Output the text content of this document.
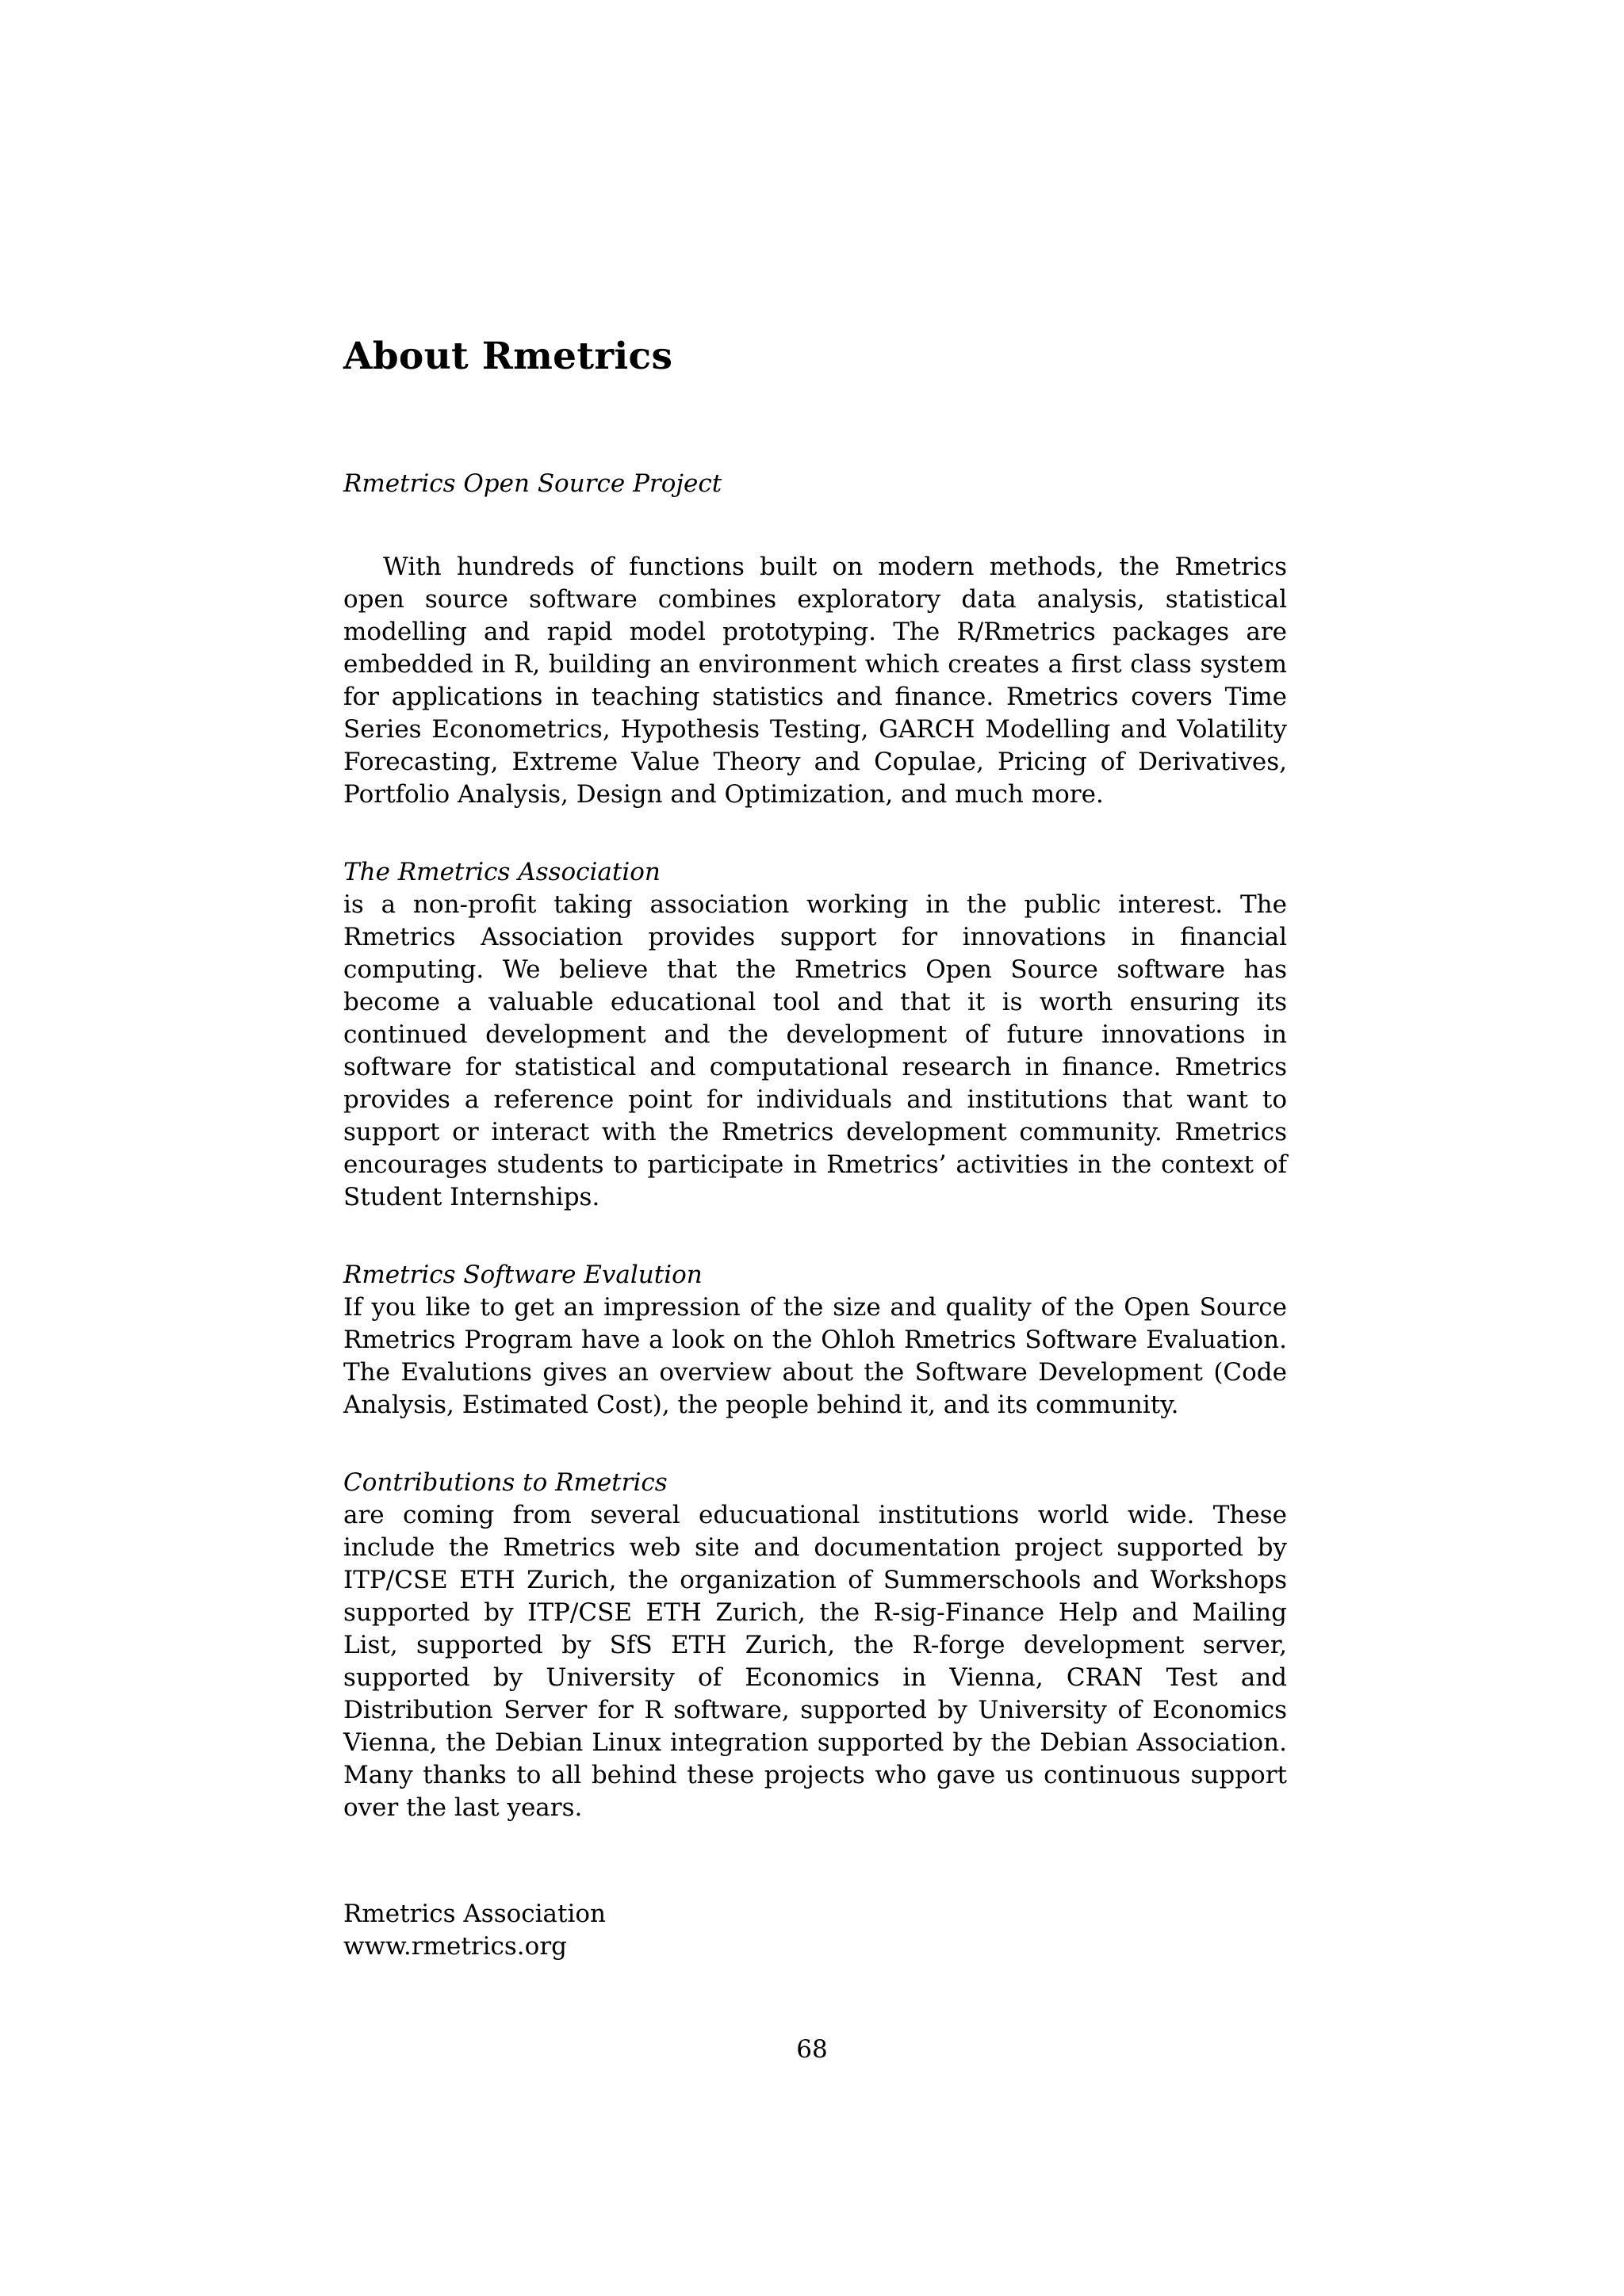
About Rmetrics

Rmetrics Open Source Project

With hundreds of functions built on modern methods, the Rmetrics open source software combines exploratory data analysis, statistical modelling and rapid model prototyping. The R/Rmetrics packages are embedded in R, building an environment which creates a first class system for applications in teaching statistics and finance. Rmetrics covers Time Series Econometrics, Hypothesis Testing, GARCH Modelling and Volatility Forecasting, Extreme Value Theory and Copulae, Pricing of Derivatives, Portfolio Analysis, Design and Optimization, and much more.

The Rmetrics Association

is a non-profit taking association working in the public interest. The Rmetrics Association provides support for innovations in financial computing. We believe that the Rmetrics Open Source software has become a valuable educational tool and that it is worth ensuring its continued development and the development of future innovations in software for statistical and computational research in finance. Rmetrics provides a reference point for individuals and institutions that want to support or interact with the Rmetrics development community. Rmetrics encourages students to participate in Rmetrics’ activities in the context of Student Internships.

Rmetrics Software Evalution

If you like to get an impression of the size and quality of the Open Source Rmetrics Program have a look on the Ohloh Rmetrics Software Evaluation. The Evalutions gives an overview about the Software Development (Code Analysis, Estimated Cost), the people behind it, and its community.

Contributions to Rmetrics

are coming from several educuational institutions world wide. These include the Rmetrics web site and documentation project supported by ITP/CSE ETH Zurich, the organization of Summerschools and Workshops supported by ITP/CSE ETH Zurich, the R-sig-Finance Help and Mailing List, supported by SfS ETH Zurich, the R-forge development server, supported by University of Economics in Vienna, CRAN Test and Distribution Server for R software, supported by University of Economics Vienna, the Debian Linux integration supported by the Debian Association. Many thanks to all behind these projects who gave us continuous support over the last years.

Rmetrics Association

www.rmetrics.org

68
